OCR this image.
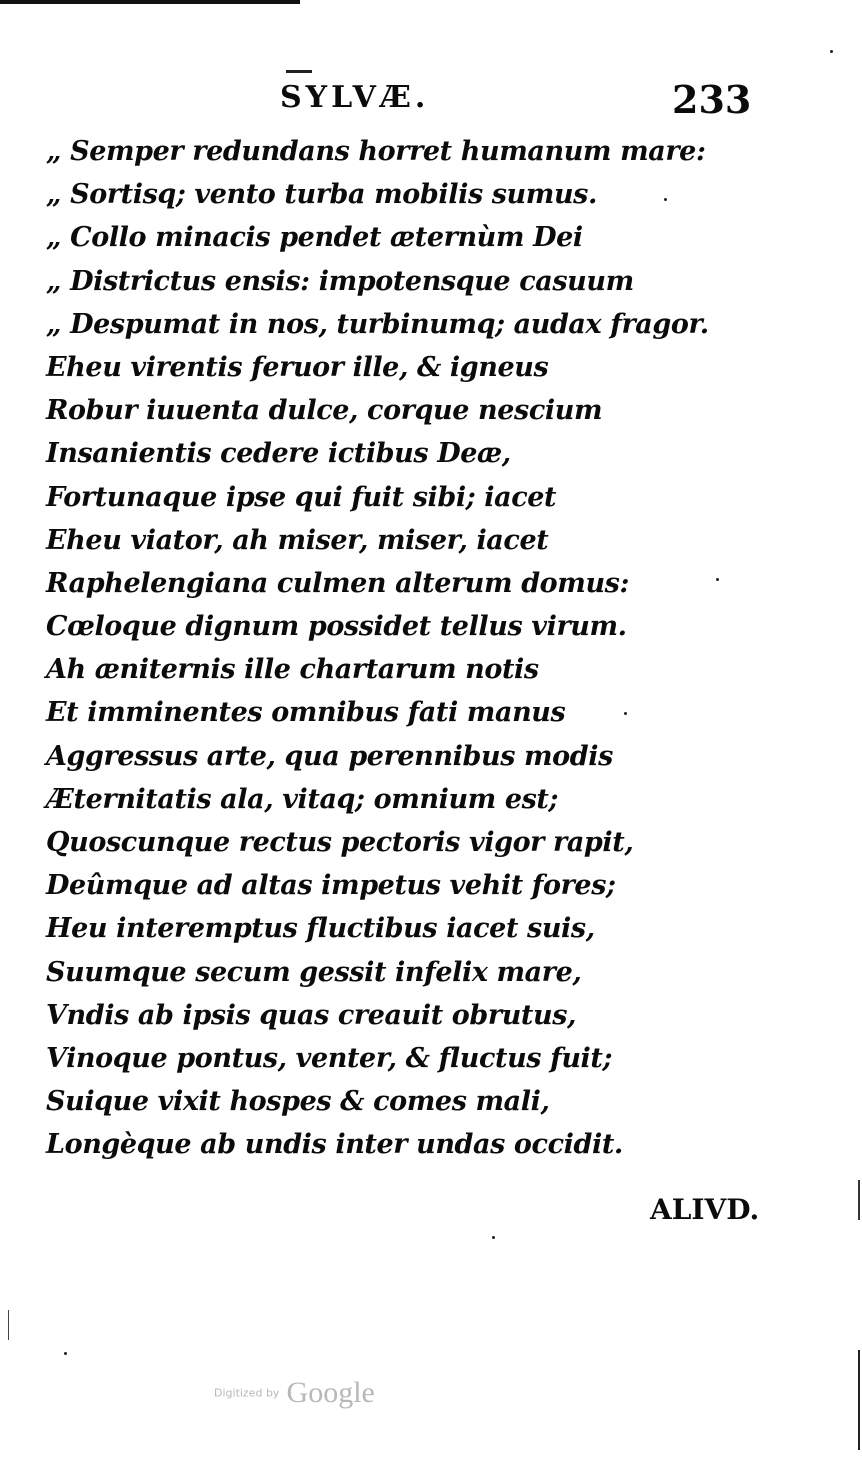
SYLVÆ.	233
„ Semper redundans horret humanum mare:
„ Sortisq; vento turba mobilis sumus.
„ Collo minacis pendet æternùm Dei
„ Districtus ensis: impotensque casuum
„ Despumat in nos, turbinumq; audax fragor.
Eheu virentis feruor ille, & igneus
Robur iuuenta dulce, corque nescium
Insanientis cedere ictibus Deæ,
Fortunaque ipse qui fuit sibi; iacet
Eheu viator, ah miser, miser, iacet
Raphelengiana culmen alterum domus:
Cœloque dignum possidet tellus virum.
Ah æniternis ille chartarum notis
Et imminentes omnibus fati manus
Aggressus arte, qua perennibus modis
Æternitatis ala, vitaq; omnium est;
Quoscunque rectus pectoris vigor rapit,
Deûmque ad altas impetus vehit fores;
Heu interemptus fluctibus iacet suis,
Suumque secum gessit infelix mare,
Vndis ab ipsis quas creauit obrutus,
Vinoque pontus, venter, & fluctus fuit;
Suique vixit hospes & comes mali,
Longèque ab undis inter undas occidit.
ALIVD.
Digitized by Google
